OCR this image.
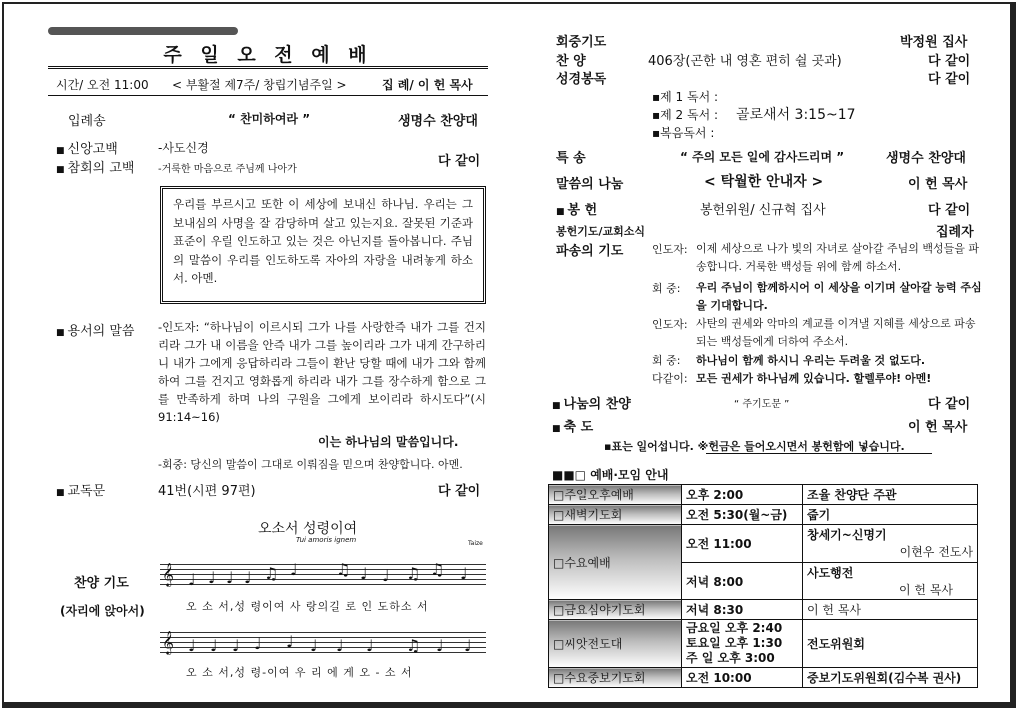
주 일 오 전 예 배
시간/ 오전 11:00 < 부활절 제7주/ 창립기념주일 >	집 례/ 이 헌 목사
입례송	“ 찬미하여라 ”	생명수 찬양대
■ 신앙고백	-사도신경
■ 참회의 고백 -거룩한 마음으로 주님께 나아가
다 같이
우리를 부르시고 또한 이 세상에 보내신 하나님. 우리는 그 보내심의 사명을 잘 감당하며 살고 있는지요. 잘못된 기준과 표준이 우릴 인도하고 있는 것은 아닌지를 돌아봅니다. 주님의 말씀이 우리를 인도하도록 자아의 자랑을 내려놓게 하소서. 아멘.
■ 용서의 말씀 -인도자: “하나님이 이르시되 그가 나를 사랑한즉 내가 그를 건지리라 그가 내 이름을 안즉 내가 그를 높이리라 그가 내게 간구하리니 내가 그에게 응답하리라 그들이 환난 당할 때에 내가 그와 함께 하여 그를 건지고 영화롭게 하리라 내가 그를 장수하게 함으로 그를 만족하게 하며 나의 구원을 그에게 보이리라 하시도다”(시 91:14~16)
이는 하나님의 말씀입니다.
-회중: 당신의 말씀이 그대로 이뤄짐을 믿으며 찬양합니다. 아멘.
■ 교독문	41번(시편 97편)	다 같이
찬양 기도
(자리에 앉아서)
오소서 성령이여
Tui amoris ignem	Taize
𝄞 ♩ ♩ ♩ ♩ ♫ ♩ ♫ ♩ ♩ ♫ ♫ ♩
오 소 서,성 령이여 사 랑의길 로 인 도하소 서
𝄞 ♩ ♩ ♩ ♩ ♩ ♩ ♩ ♩ ♫ ♩ ♩
오 소 서,성 령-이여 우 리 에 게 오 - 소 서
회중기도	박정원 집사
찬 양	406장(곤한 내 영혼 편히 쉴 곳과)	다 같이
성경봉독	다 같이
▪제 1 독서 :
▪제 2 독서 : 골로새서 3:15~17
▪복음독서 :
특 송	“ 주의 모든 일에 감사드리며 ”	생명수 찬양대
말씀의 나눔	< 탁월한 안내자 >	이 헌 목사
■ 봉 헌	봉헌위원/ 신규혁 집사	다 같이
봉헌기도/교회소식	집례자
파송의 기도	인도자: 이제 세상으로 나가 빛의 자녀로 살아갈 주님의 백성들을 파송합니다. 거룩한 백성들 위에 함께 하소서.
회 중: 우리 주님이 함께하시어 이 세상을 이기며 살아갈 능력 주심을 기대합니다.
인도자: 사탄의 권세와 악마의 계교를 이겨낼 지혜를 세상으로 파송되는 백성들에게 더하여 주소서.
회 중: 하나님이 함께 하시니 우리는 두려울 것 없도다.
다같이: 모든 권세가 하나님께 있습니다. 할렐루야! 아멘!
■ 나눔의 찬양	“ 주기도문 ”	다 같이
■ 축 도	이 헌 목사
▪표는 일어섭니다. ※헌금은 들어오시면서 봉헌함에 넣습니다.
■■□ 예배·모임 안내
□주일오후예배	오후 2:00	조율 찬양단 주관
□새벽기도회	오전 5:30(월~금)	줍기
□수요예배	오전 11:00	창세기~신명기
이현우 전도사

	저녁 8:00	사도행전
이 헌 목사

□금요심야기도회	저녁 8:30	이 헌 목사
□씨앗전도대	금요일 오후 2:40
토요일 오후 1:30
주 일 오후 3:00	전도위원회
□수요중보기도회	오전 10:00	중보기도위원회(김수복 권사)
